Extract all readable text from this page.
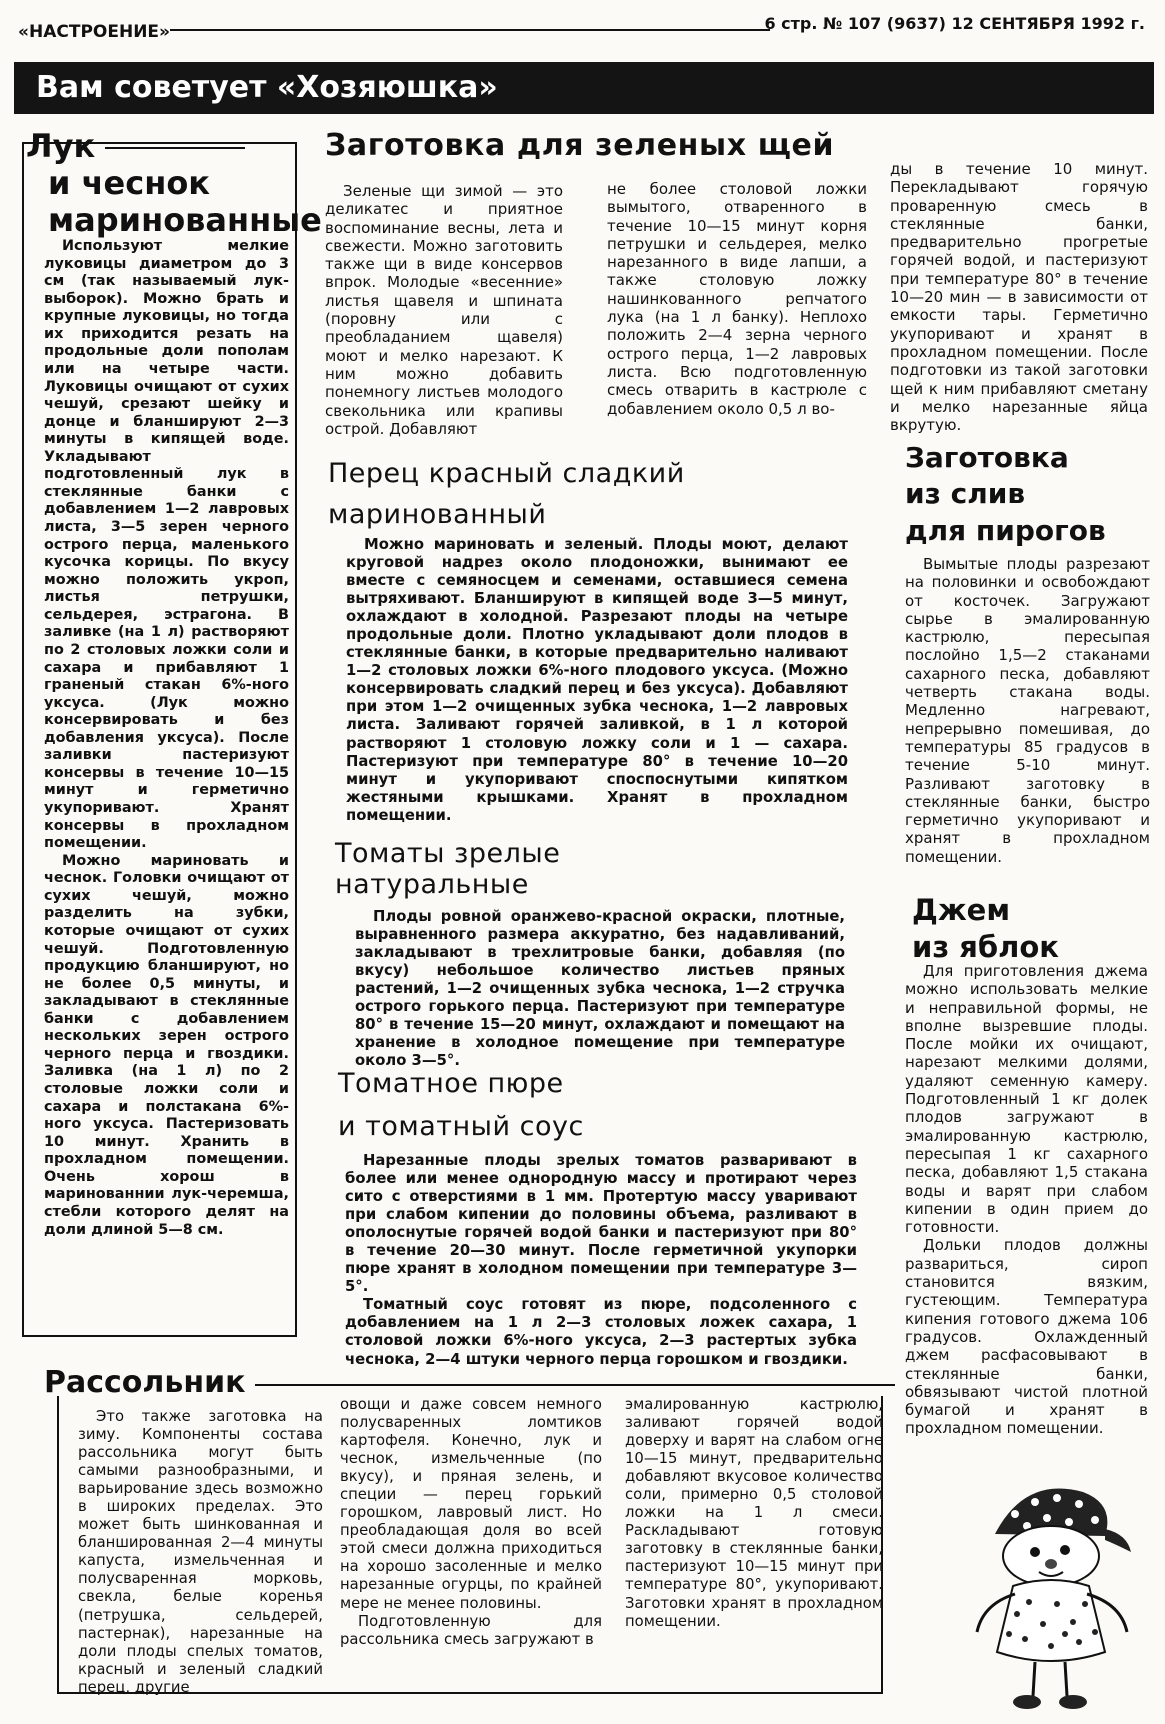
«НАСТРОЕНИЕ»	6 стр. № 107 (9637) 12 СЕНТЯБРЯ 1992 г.
Вам советует «Хозяюшка»
Лук
и чеснок
маринованные

Используют мелкие луковицы диаметром до 3 см (так называемый лук-выборок). Можно брать и крупные луковицы, но тогда их приходится резать на продольные доли пополам или на четыре части. Луковицы очищают от сухих чешуй, срезают шейку и донце и бланшируют 2—3 минуты в кипящей воде. Укладывают подготовленный лук в стеклянные банки с добавлением 1—2 лавровых листа, 3—5 зерен черного острого перца, маленького кусочка корицы. По вкусу можно положить укроп, листья петрушки, сельдерея, эстрагона. В заливке (на 1 л) растворяют по 2 столовых ложки соли и сахара и прибавляют 1 граненый стакан 6%-ного уксуса. (Лук можно консервировать и без добавления уксуса). После заливки пастеризуют консервы в течение 10—15 минут и герметично укупоривают. Хранят консервы в прохладном помещении.

Можно мариновать и чеснок. Головки очищают от сухих чешуй, можно разделить на зубки, которые очищают от сухих чешуй. Подготовленную продукцию бланшируют, но не более 0,5 минуты, и закладывают в стеклянные банки с добавлением нескольких зерен острого черного перца и гвоздики. Заливка (на 1 л) по 2 столовые ложки соли и сахара и полстакана 6%-ного уксуса. Пастеризовать 10 минут. Хранить в прохладном помещении. Очень хорош в маринованнии лук-черемша, стебли которого делят на доли длиной 5—8 см.

Заготовка для зеленых щей

Зеленые щи зимой — это деликатес и приятное воспоминание весны, лета и свежести. Можно заготовить также щи в виде консервов впрок. Молодые «весенние» листья щавеля и шпината (поровну или с преобладанием щавеля) моют и мелко нарезают. К ним можно добавить понемногу листьев молодого свекольника или крапивы острой. Добавляют

не более столовой ложки вымытого, отваренного в течение 10—15 минут корня петрушки и сельдерея, мелко нарезанного в виде лапши, а также столовую ложку нашинкованного репчатого лука (на 1 л банку). Неплохо положить 2—4 зерна черного острого перца, 1—2 лавровых листа. Всю подготовленную смесь отварить в кастрюле с добавлением около 0,5 л во-

ды в течение 10 минут. Перекладывают горячую проваренную смесь в стеклянные банки, предварительно прогретые горячей водой, и пастеризуют при температуре 80° в течение 10—20 мин — в зависимости от емкости тары. Герметично укупоривают и хранят в прохладном помещении. После подготовки из такой заготовки щей к ним прибавляют сметану и мелко нарезанные яйца вкрутую.

Перец красный сладкий
маринованный

Можно мариновать и зеленый. Плоды моют, делают круговой надрез около плодоножки, вынимают ее вместе с семяносцем и семенами, оставшиеся семена вытряхивают. Бланшируют в кипящей воде 3—5 минут, охлаждают в холодной. Разрезают плоды на четыре продольные доли. Плотно укладывают доли плодов в стеклянные банки, в которые предварительно наливают 1—2 столовых ложки 6%-ного плодового уксуса. (Можно консервировать сладкий перец и без уксуса). Добавляют при этом 1—2 очищенных зубка чеснока, 1—2 лавровых листа. Заливают горячей заливкой, в 1 л которой растворяют 1 столовую ложку соли и 1 — сахара. Пастеризуют при температуре 80° в течение 10—20 минут и укупоривают споспоснутыми кипятком жестяными крышками. Хранят в прохладном помещении.

Томаты зрелые
натуральные

Плоды ровной оранжево-красной окраски, плотные, выравненного размера аккуратно, без надавливаний, закладывают в трехлитровые банки, добавляя (по вкусу) небольшое количество листьев пряных растений, 1—2 очищенных зубка чеснока, 1—2 стручка острого горького перца. Пастеризуют при температуре 80° в течение 15—20 минут, охлаждают и помещают на хранение в холодное помещение при температуре около 3—5°.

Томатное пюре
и томатный соус

Нарезанные плоды зрелых томатов разваривают в более или менее однородную массу и протирают через сито с отверстиями в 1 мм. Протертую массу уваривают при слабом кипении до половины объема, разливают в ополоснутые горячей водой банки и пастеризуют при 80° в течение 20—30 минут. После герметичной укупорки пюре хранят в холодном помещении при температуре 3—5°.

Томатный соус готовят из пюре, подсоленного с добавлением на 1 л 2—3 столовых ложек сахара, 1 столовой ложки 6%-ного уксуса, 2—3 растертых зубка чеснока, 2—4 штуки черного перца горошком и гвоздики.

Заготовка
из слив
для пирогов

Вымытые плоды разрезают на половинки и освобождают от косточек. Загружают сырье в эмалированную кастрюлю, пересыпая послойно 1,5—2 стаканами сахарного песка, добавляют четверть стакана воды. Медленно нагревают, непрерывно помешивая, до температуры 85 градусов в течение 5-10 минут. Разливают заготовку в стеклянные банки, быстро герметично укупоривают и хранят в прохладном помещении.

Джем
из яблок

Для приготовления джема можно использовать мелкие и неправильной формы, не вполне вызревшие плоды. После мойки их очищают, нарезают мелкими долями, удаляют семенную камеру. Подготовленный 1 кг долек плодов загружают в эмалированную кастрюлю, пересыпая 1 кг сахарного песка, добавляют 1,5 стакана воды и варят при слабом кипении в один прием до готовности.

Дольки плодов должны развариться, сироп становится вязким, густеющим. Температура кипения готового джема 106 градусов. Охлажденный джем расфасовывают в стеклянные банки, обвязывают чистой плотной бумагой и хранят в прохладном помещении.

Рассольник

Это также заготовка на зиму. Компоненты состава рассольника могут быть самыми разнообразными, и варьирование здесь возможно в широких пределах. Это может быть шинкованная и бланшированная 2—4 минуты капуста, измельченная и полусваренная морковь, свекла, белые коренья (петрушка, сельдерей, пастернак), нарезанные на доли плоды спелых томатов, красный и зеленый сладкий перец, другие

овощи и даже совсем немного полусваренных ломтиков картофеля. Конечно, лук и чеснок, измельченные (по вкусу), и пряная зелень, и специи — перец горький горошком, лавровый лист. Но преобладающая доля во всей этой смеси должна приходиться на хорошо засоленные и мелко нарезанные огурцы, по крайней мере не менее половины.

Подготовленную для рассольника смесь загружают в

эмалированную кастрюлю, заливают горячей водой доверху и варят на слабом огне 10—15 минут, предварительно добавляют вкусовое количество соли, примерно 0,5 столовой ложки на 1 л смеси. Раскладывают готовую заготовку в стеклянные банки, пастеризуют 10—15 минут при температуре 80°, укупоривают. Заготовки хранят в прохладном помещении.
